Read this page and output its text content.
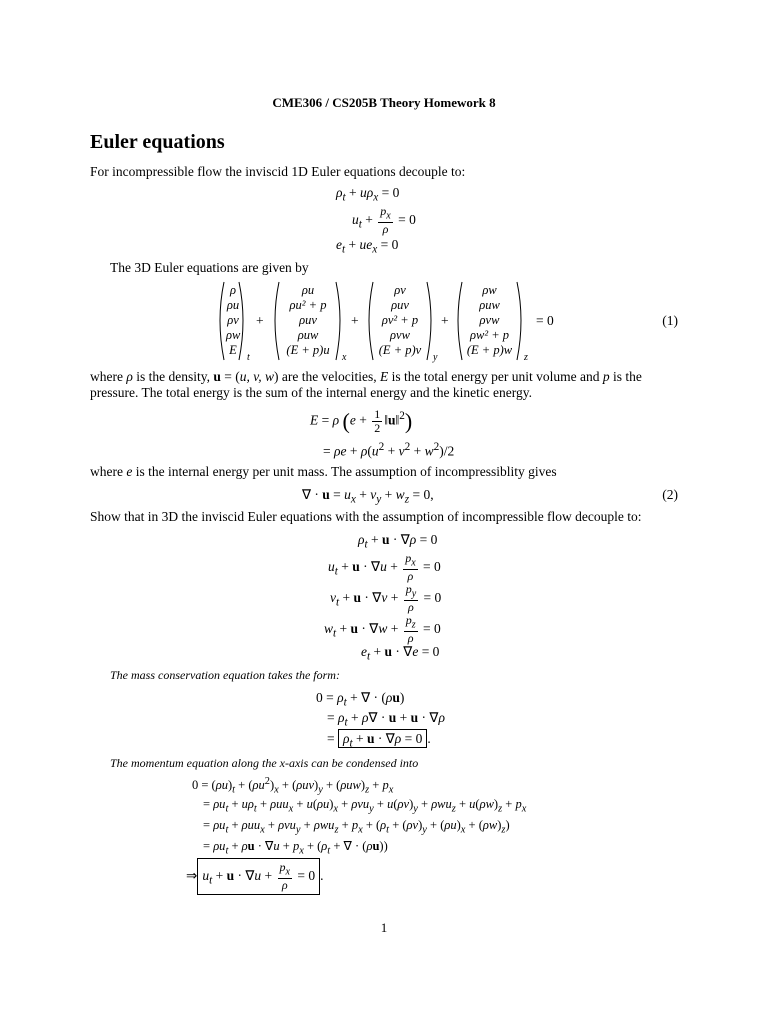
CME306 / CS205B Theory Homework 8
Euler equations
For incompressible flow the inviscid 1D Euler equations decouple to:
$\rho_t + u\rho_x = 0$
$u_t + \frac{p_x}{\rho} = 0$
$e_t + ue_x = 0$
The 3D Euler equations are given by
ρ
ρu
ρv
ρw
E
t
+
ρu
ρu² + p
ρuv
ρuw
(E + p)u
x
+
ρv
ρuv
ρv² + p
ρvw
(E + p)v
y
+
ρw
ρuw
ρvw
ρw² + p
(E + p)w
z
= 0	(1)
where ρ is the density, u = (u, v, w) are the velocities, E is the total energy per unit volume and p is the
pressure. The total energy is the sum of the internal energy and the kinetic energy.
E = ρ ($e + \frac{1}{2}$ ‖u‖$^2$)
= $\rho e + \rho(u^2 + v^2 + w^2)/2$
where e is the internal energy per unit mass. The assumption of incompressiblity gives
∇ · $u = u_x + v_y + w_z = 0$,	(2)
Show that in 3D the inviscid Euler equations with the assumption of incompressible flow decouple to:
$\rho_t + u \cdot \nabla\rho = 0$
$u_t + u \cdot \nabla u + \frac{p_x}{\rho} = 0$
$v_t + u \cdot \nabla v + \frac{p_y}{\rho} = 0$
$w_t + u \cdot \nabla w + \frac{p_z}{\rho} = 0$
$e_t + u \cdot \nabla e = 0$
The mass conservation equation takes the form:
$0 = \rho_t$ + ∇ · (ρu)
= $\rho_t + \rho\nabla \cdot u + u \cdot \nabla\rho$
= $\rho_t + u \cdot \nabla\rho = 0$ .
The momentum equation along the x-axis can be condensed into
$0 = (\rho u)_t + (\rho u^2)_x + (\rho uv)_y + (\rho uw)_z + p_x$
= $\rho u_t + u\rho_t + \rho uu_x + u(\rho u)_x + \rho vu_y + u(\rho v)_y + \rho wu_z + u(\rho w)_z + p_x$
= $\rho u_t + \rho uu_x + \rho vu_y + \rho wu_z + p_x + (\rho_t + (\rho v)_y + (\rho u)_x + (\rho w)_z)$
= $\rho u_t + \rho u \cdot \nabla u + p_x + (\rho_t$ + ∇ · (ρu))
⇒ $u_t + u \cdot \nabla u + \frac{p_x}{\rho} = 0$ .
1
